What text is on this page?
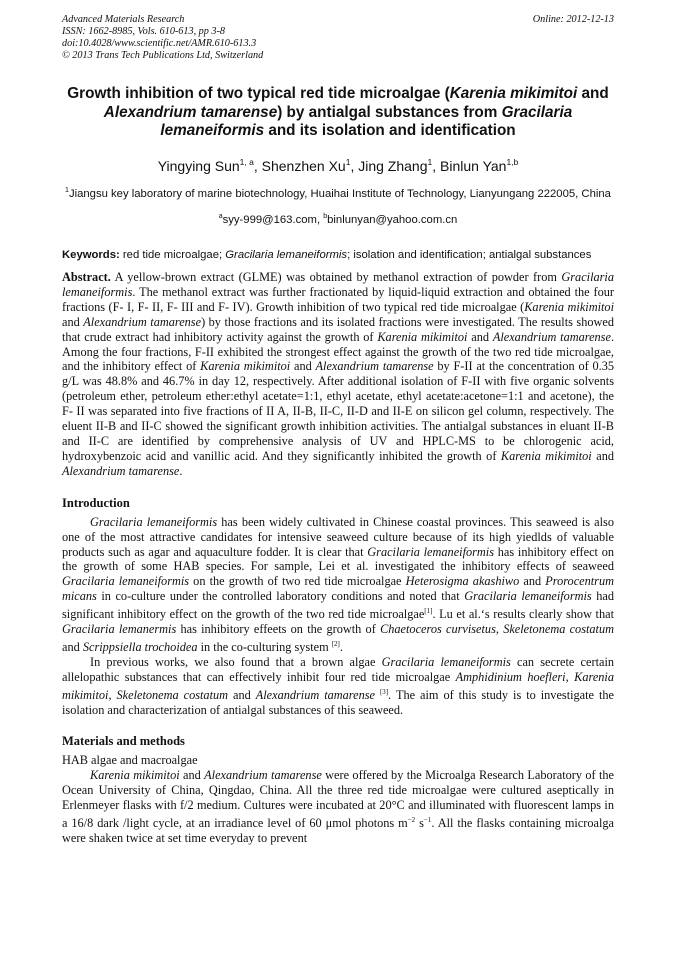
Advanced Materials Research
ISSN: 1662-8985, Vols. 610-613, pp 3-8
doi:10.4028/www.scientific.net/AMR.610-613.3
© 2013 Trans Tech Publications Ltd, Switzerland
Online: 2012-12-13
Growth inhibition of two typical red tide microalgae (Karenia mikimitoi and Alexandrium tamarense) by antialgal substances from Gracilaria lemaneiformis and its isolation and identification
Yingying Sun$^{1, a}$, Shenzhen Xu$^1$, Jing Zhang$^1$, Binlun Yan$^{1,b}$
$^1$Jiangsu key laboratory of marine biotechnology, Huaihai Institute of Technology, Lianyungang 222005, China
$^a$syy-999@163.com, $^b$binlunyan@yahoo.com.cn
Keywords: red tide microalgae; Gracilaria lemaneiformis; isolation and identification; antialgal substances
Abstract. A yellow-brown extract (GLME) was obtained by methanol extraction of powder from Gracilaria lemaneiformis. The methanol extract was further fractionated by liquid-liquid extraction and obtained the four fractions (F- I, F- II, F- III and F- IV). Growth inhibition of two typical red tide microalgae (Karenia mikimitoi and Alexandrium tamarense) by those fractions and its isolated fractions were investigated. The results showed that crude extract had inhibitory activity against the growth of Karenia mikimitoi and Alexandrium tamarense. Among the four fractions, F-II exhibited the strongest effect against the growth of the two red tide microalgae, and the inhibitory effect of Karenia mikimitoi and Alexandrium tamarense by F-II at the concentration of 0.35 g/L was 48.8% and 46.7% in day 12, respectively. After additional isolation of F-II with five organic solvents (petroleum ether, petroleum ether:ethyl acetate=1:1, ethyl acetate, ethyl acetate:acetone=1:1 and acetone), the F- II was separated into five fractions of II A, II-B, II-C, II-D and II-E on silicon gel column, respectively. The eluent II-B and II-C showed the significant growth inhibition activities. The antialgal substances in eluant II-B and II-C are identified by comprehensive analysis of UV and HPLC-MS to be chlorogenic acid, hydroxybenzoic acid and vanillic acid. And they significantly inhibited the growth of Karenia mikimitoi and Alexandrium tamarense.
Introduction

Gracilaria lemaneiformis has been widely cultivated in Chinese coastal provinces. This seaweed is also one of the most attractive candidates for intensive seaweed culture because of its high yiedlds of valuable products such as agar and aquaculture fodder. It is clear that Gracilaria lemaneiformis has inhibitory effect on the growth of some HAB species. For sample, Lei et al. investigated the inhibitory effects of seaweed Gracilaria lemaneiformis on the growth of two red tide microalgae Heterosigma akashiwo and Prorocentrum micans in co-culture under the controlled laboratory conditions and noted that Gracilaria lemaneiformis had significant inhibitory effect on the growth of the two red tide microalgae[1]. Lu et al.‘s results clearly show that Gracilaria lemanermis has inhibitory effeets on the growth of Chaetoceros curvisetus, Skeletonema costatum and Scrippsiella trochoidea in the co-culturing system [2].

In previous works, we also found that a brown algae Gracilaria lemaneiformis can secrete certain allelopathic substances that can effectively inhibit four red tide microalgae Amphidinium hoefleri, Karenia mikimitoi, Skeletonema costatum and Alexandrium tamarense [3]. The aim of this study is to investigate the isolation and characterization of antialgal substances of this seaweed.

Materials and methods
HAB algae and macroalgae

Karenia mikimitoi and Alexandrium tamarense were offered by the Microalga Research Laboratory of the Ocean University of China, Qingdao, China. All the three red tide microalgae were cultured aseptically in Erlenmeyer flasks with f/2 medium. Cultures were incubated at 20°C and illuminated with fluorescent lamps in a 16/8 dark /light cycle, at an irradiance level of 60 μmol photons $m^{-2}$ $s^{-1}$. All the flasks containing microalga were shaken twice at set time everyday to prevent
